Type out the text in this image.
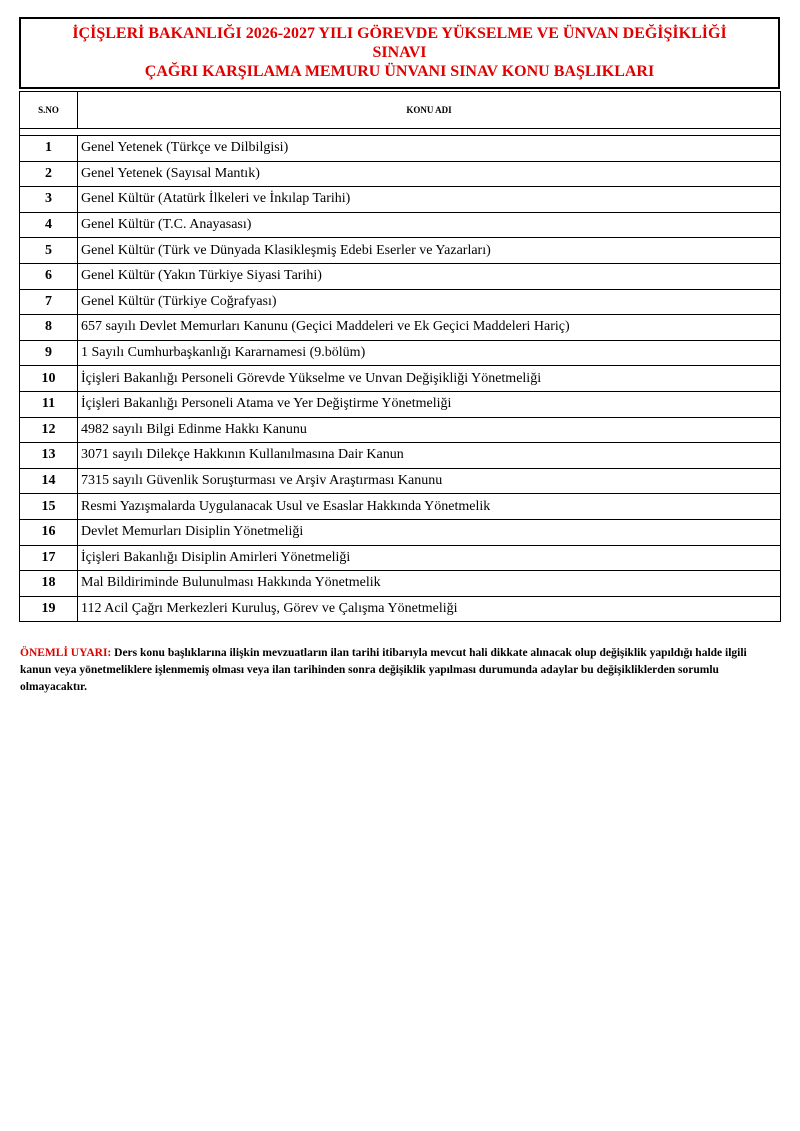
İÇİŞLERİ BAKANLIĞI 2026-2027 YILI GÖREVDE YÜKSELME VE ÜNVAN DEĞİŞİKLİĞİ
SINAVI
ÇAĞRI KARŞILAMA MEMURU ÜNVANI SINAV KONU BAŞLIKLARI
S.NO	KONU ADI

1	Genel Yetenek (Türkçe ve Dilbilgisi)
2	Genel Yetenek (Sayısal Mantık)
3	Genel Kültür (Atatürk İlkeleri ve İnkılap Tarihi)
4	Genel Kültür (T.C. Anayasası)
5	Genel Kültür (Türk ve Dünyada Klasikleşmiş Edebi Eserler ve Yazarları)
6	Genel Kültür (Yakın Türkiye Siyasi Tarihi)
7	Genel Kültür (Türkiye Coğrafyası)
8	657 sayılı Devlet Memurları Kanunu (Geçici Maddeleri ve Ek Geçici Maddeleri Hariç)
9	1 Sayılı Cumhurbaşkanlığı Kararnamesi (9.bölüm)
10	İçişleri Bakanlığı Personeli Görevde Yükselme ve Unvan Değişikliği Yönetmeliği
11	İçişleri Bakanlığı Personeli Atama ve Yer Değiştirme Yönetmeliği
12	4982 sayılı Bilgi Edinme Hakkı Kanunu
13	3071 sayılı Dilekçe Hakkının Kullanılmasına Dair Kanun
14	7315 sayılı Güvenlik Soruşturması ve Arşiv Araştırması Kanunu
15	Resmi Yazışmalarda Uygulanacak Usul ve Esaslar Hakkında Yönetmelik
16	Devlet Memurları Disiplin Yönetmeliği
17	İçişleri Bakanlığı Disiplin Amirleri Yönetmeliği
18	Mal Bildiriminde Bulunulması Hakkında Yönetmelik
19	112 Acil Çağrı Merkezleri Kuruluş, Görev ve Çalışma Yönetmeliği
ÖNEMLİ UYARI: Ders konu başlıklarına ilişkin mevzuatların ilan tarihi itibarıyla mevcut hali dikkate alınacak olup değişiklik yapıldığı halde ilgili kanun veya yönetmeliklere işlenmemiş olması veya ilan tarihinden sonra değişiklik yapılması durumunda adaylar bu değişikliklerden sorumlu olmayacaktır.
